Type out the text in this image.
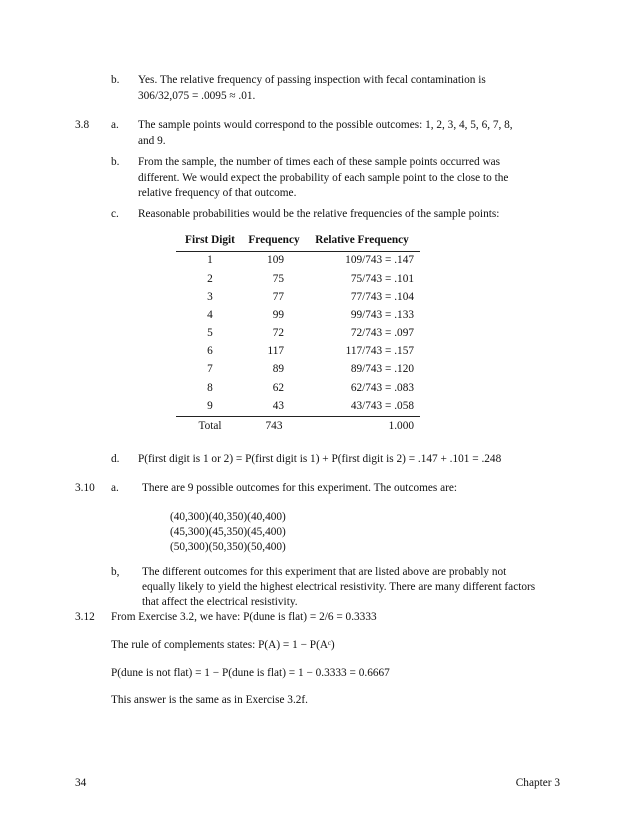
b. Yes. The relative frequency of passing inspection with fecal contamination is
306/32,075 = .0095 ≈ .01.
3.8 a. The sample points would correspond to the possible outcomes: 1, 2, 3, 4, 5, 6, 7, 8,
and 9.
b. From the sample, the number of times each of these sample points occurred was
different. We would expect the probability of each sample point to the close to the
relative frequency of that outcome.
c. Reasonable probabilities would be the relative frequencies of the sample points:
First Digit	Frequency	Relative Frequency
1	109	109/743 = .147
2	75	75/743 = .101
3	77	77/743 = .104
4	99	99/743 = .133
5	72	72/743 = .097
6	117	117/743 = .157
7	89	89/743 = .120
8	62	62/743 = .083
9	43	43/743 = .058
Total	743	1.000
d. P(first digit is 1 or 2) = P(first digit is 1) + P(first digit is 2) = .147 + .101 = .248
3.10 a. There are 9 possible outcomes for this experiment. The outcomes are:
(40,300)(40,350)(40,400)
(45,300)(45,350)(45,400)
(50,300)(50,350)(50,400)
b, The different outcomes for this experiment that are listed above are probably not
equally likely to yield the highest electrical resistivity. There are many different factors
that affect the electrical resistivity.
3.12 From Exercise 3.2, we have: P(dune is flat) = 2/6 = 0.3333
The rule of complements states: P(A) = 1 − P(Aᶜ)
P(dune is not flat) = 1 − P(dune is flat) = 1 − 0.3333 = 0.6667
This answer is the same as in Exercise 3.2f.
34	Chapter 3
